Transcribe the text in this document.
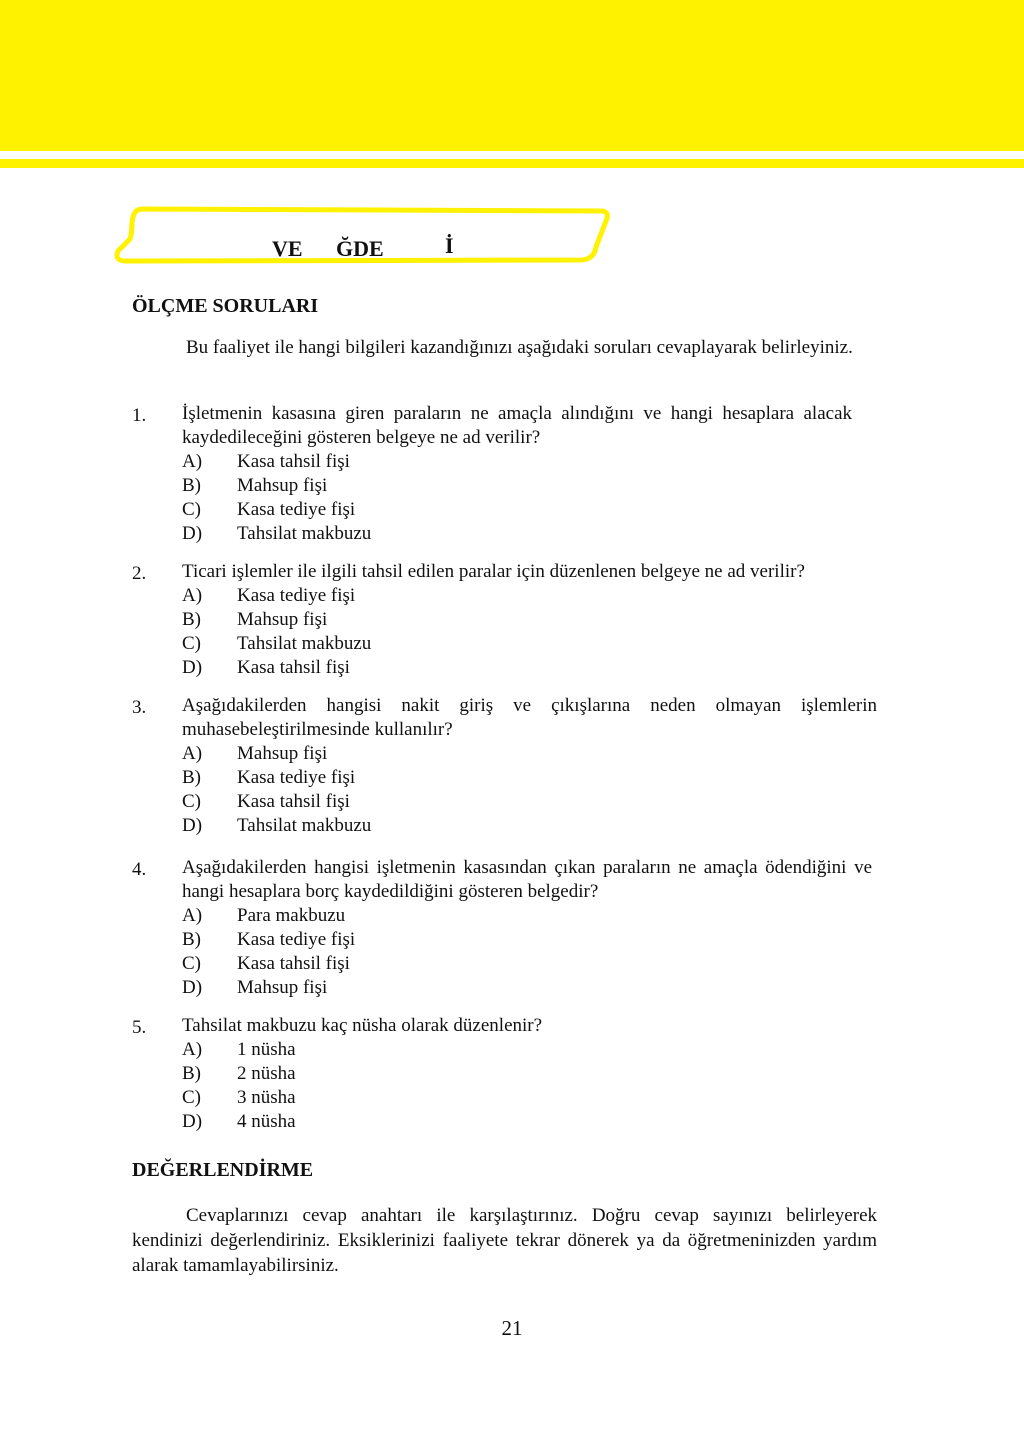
VE ĞDE	İ
ÖLÇME SORULARI

Bu faaliyet ile hangi bilgileri kazandığınızı aşağıdaki soruları cevaplayarak belirleyiniz.

1. İşletmenin kasasına giren paraların ne amaçla alındığını ve hangi hesaplara alacak kaydedileceğini gösteren belgeye ne ad verilir?
A) Kasa tahsil fişi
B) Mahsup fişi
C) Kasa tediye fişi
D) Tahsilat makbuzu
2. Ticari işlemler ile ilgili tahsil edilen paralar için düzenlenen belgeye ne ad verilir?
A) Kasa tediye fişi
B) Mahsup fişi
C) Tahsilat makbuzu
D) Kasa tahsil fişi
3. Aşağıdakilerden hangisi nakit giriş ve çıkışlarına neden olmayan işlemlerin muhasebeleştirilmesinde kullanılır?
A) Mahsup fişi
B) Kasa tediye fişi
C) Kasa tahsil fişi
D) Tahsilat makbuzu
4. Aşağıdakilerden hangisi işletmenin kasasından çıkan paraların ne amaçla ödendiğini ve hangi hesaplara borç kaydedildiğini gösteren belgedir?
A) Para makbuzu
B) Kasa tediye fişi
C) Kasa tahsil fişi
D) Mahsup fişi
5. Tahsilat makbuzu kaç nüsha olarak düzenlenir?
A) 1 nüsha
B) 2 nüsha
C) 3 nüsha
D) 4 nüsha
DEĞERLENDİRME

Cevaplarınızı cevap anahtarı ile karşılaştırınız. Doğru cevap sayınızı belirleyerek kendinizi değerlendiriniz. Eksiklerinizi faaliyete tekrar dönerek ya da öğretmeninizden yardım alarak tamamlayabilirsiniz.

21
